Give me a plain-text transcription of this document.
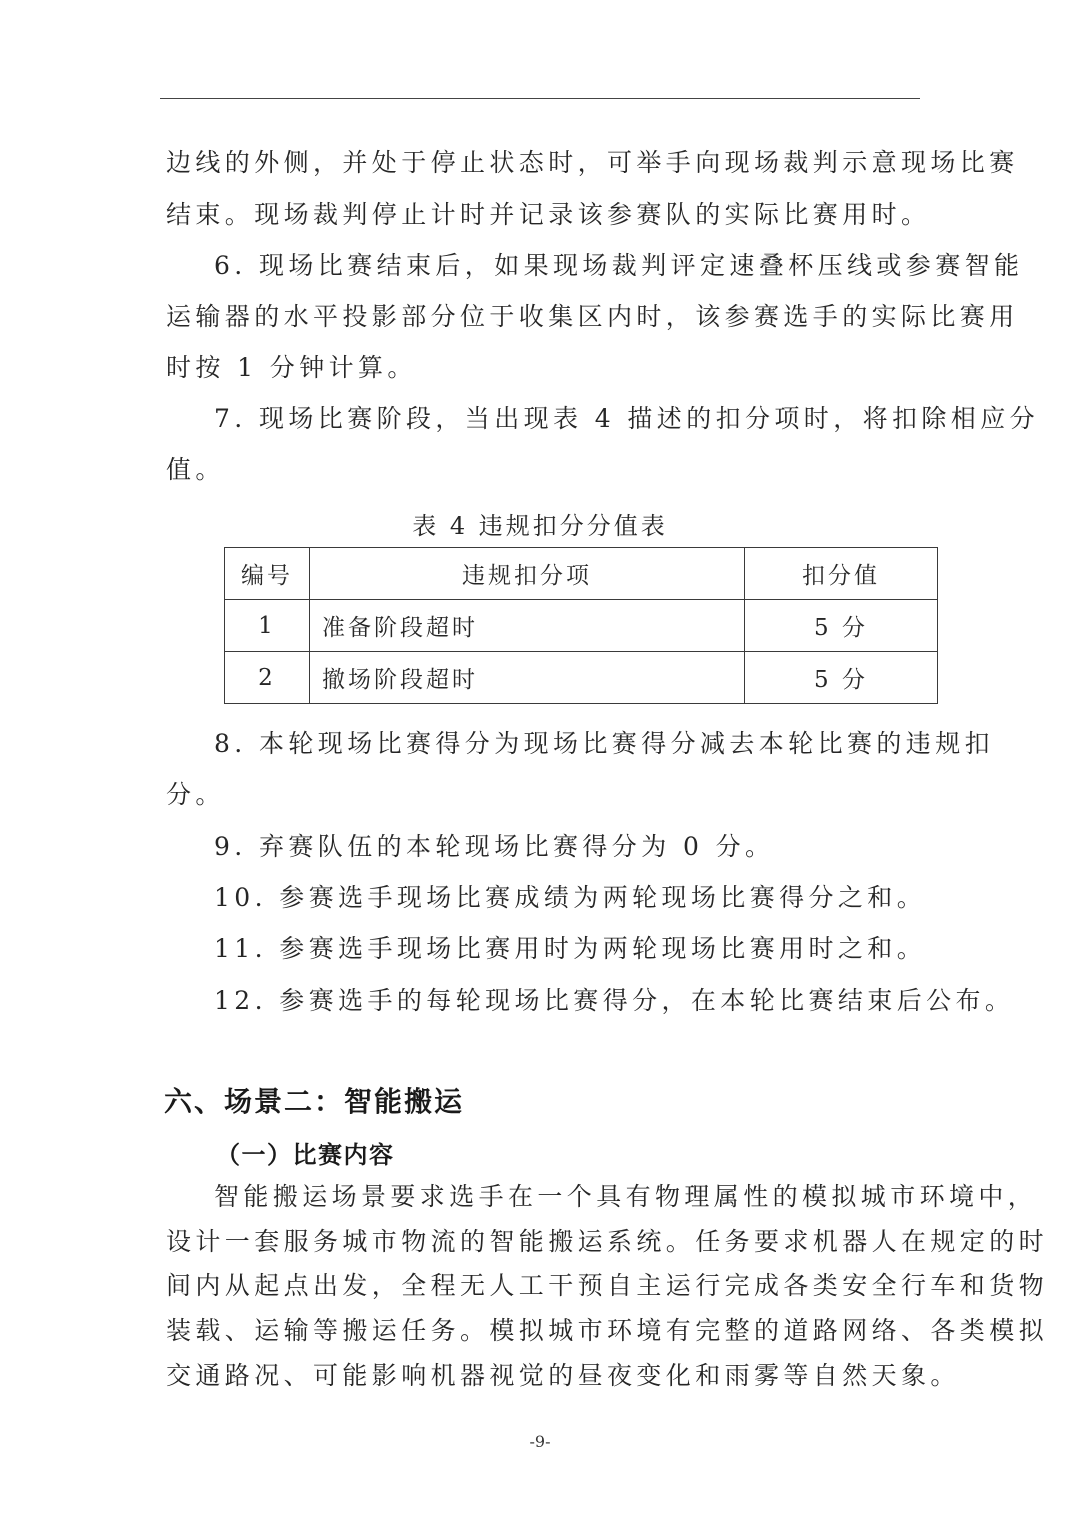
边线的外侧，并处于停止状态时，可举手向现场裁判示意现场比赛
结束。现场裁判停止计时并记录该参赛队的实际比赛用时。
6. 现场比赛结束后，如果现场裁判评定速叠杯压线或参赛智能
运输器的水平投影部分位于收集区内时，该参赛选手的实际比赛用
时按 1 分钟计算。
7. 现场比赛阶段，当出现表 4 描述的扣分项时，将扣除相应分
值。
表 4 违规扣分分值表
编号	违规扣分项	扣分值
1	准备阶段超时	5 分
2	撤场阶段超时	5 分
8. 本轮现场比赛得分为现场比赛得分减去本轮比赛的违规扣
分。
9. 弃赛队伍的本轮现场比赛得分为 0 分。
10. 参赛选手现场比赛成绩为两轮现场比赛得分之和。
11. 参赛选手现场比赛用时为两轮现场比赛用时之和。
12. 参赛选手的每轮现场比赛得分，在本轮比赛结束后公布。
六、场景二：智能搬运
（一）比赛内容
智能搬运场景要求选手在一个具有物理属性的模拟城市环境中，
设计一套服务城市物流的智能搬运系统。任务要求机器人在规定的时
间内从起点出发，全程无人工干预自主运行完成各类安全行车和货物
装载、运输等搬运任务。模拟城市环境有完整的道路网络、各类模拟
交通路况、可能影响机器视觉的昼夜变化和雨雾等自然天象。
-9-
